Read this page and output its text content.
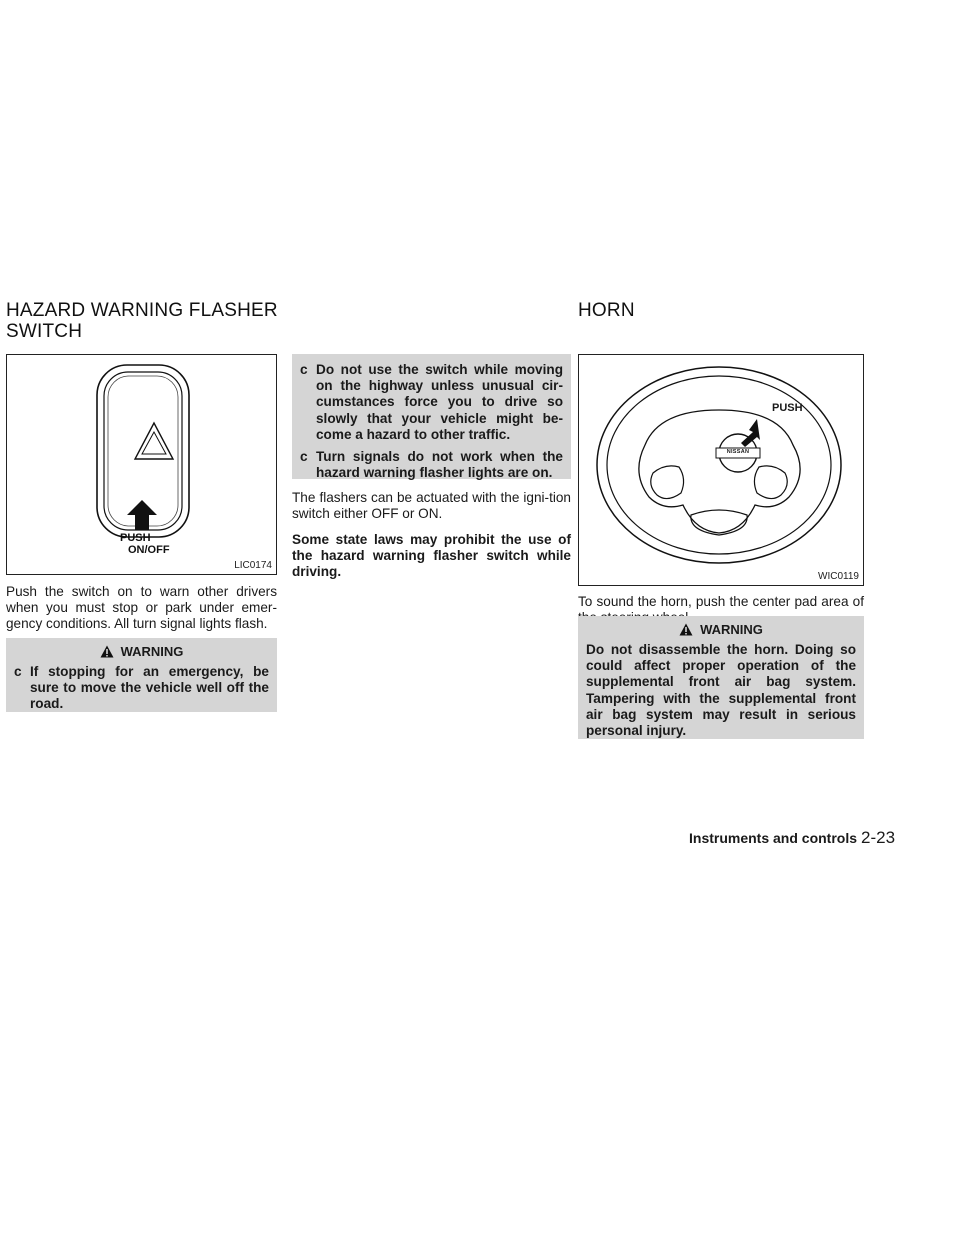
HAZARD WARNING FLASHER SWITCH
PUSH
ON/OFF
LIC0174

Push the switch on to warn other drivers when you must stop or park under emer-gency conditions. All turn signal lights flash.

WARNING
c If stopping for an emergency, be sure to move the vehicle well off the road.
c Do not use the switch while moving on the highway unless unusual cir-cumstances force you to drive so slowly that your vehicle might be-come a hazard to other traffic.
c Turn signals do not work when the hazard warning flasher lights are on.

The flashers can be actuated with the igni-tion switch either OFF or ON.

Some state laws may prohibit the use of the hazard warning flasher switch while driving.

HORN
NISSAN
PUSH
WIC0119

To sound the horn, push the center pad area of

WARNING

Do not disassemble the horn. Doing so could affect proper operation of the supplemental front air bag system. Tampering with the supplemental front air bag system may result in serious personal injury.

Instruments and controls 2-23
